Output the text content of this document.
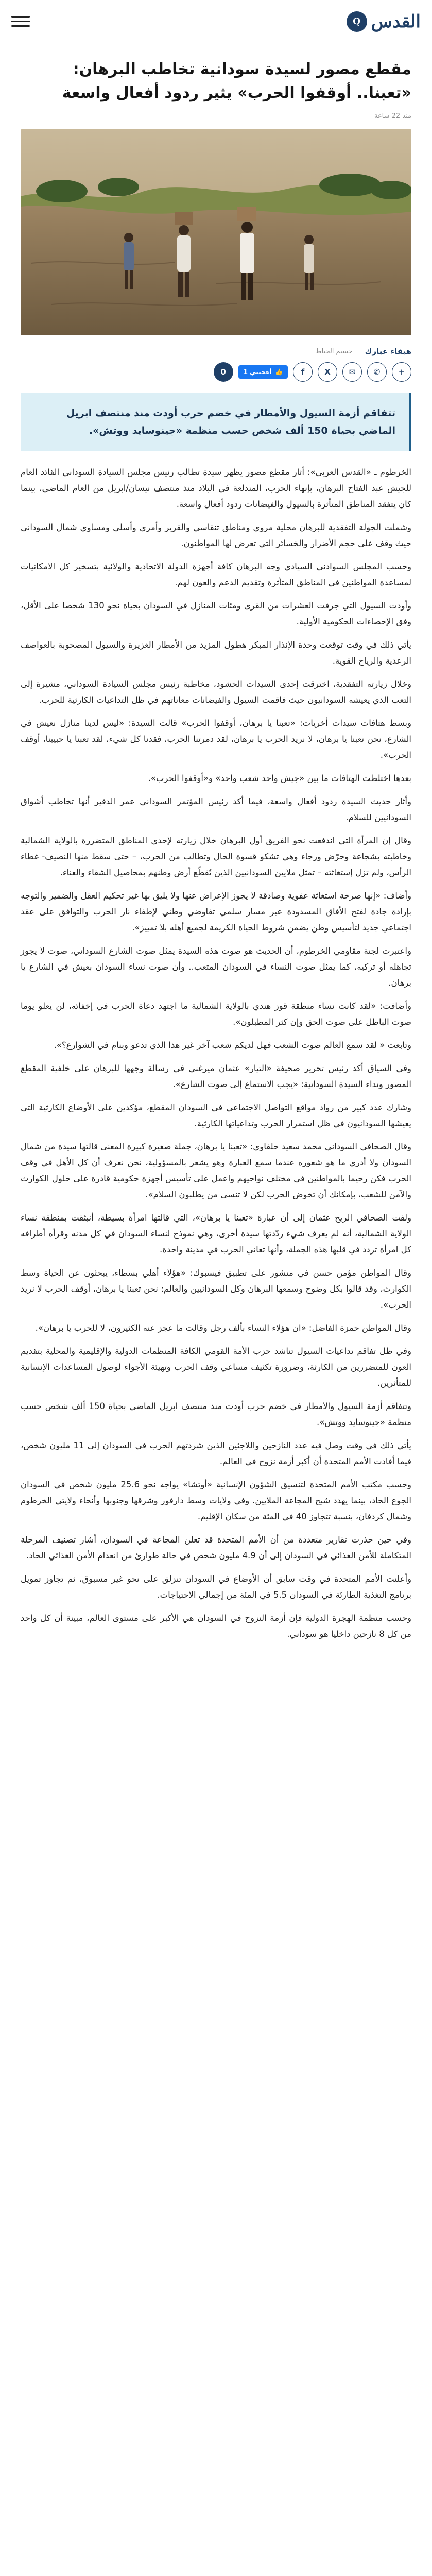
القدس
Q
مقطع مصور لسيدة سودانية تخاطب البرهان: «تعبنا.. أوقفوا الحرب» يثير ردود أفعال واسعة
منذ 22 ساعة
هيفاء عبارك
حسيم الخياط
0	👍
أعجبني 1	f	X	✉	✆	+
تتفاقم أزمة السيول والأمطار في خضم حرب أودت منذ منتصف ابريل الماضي بحياة 150 ألف شخص حسب منظمة «جينوسايد ووتش».

الخرطوم ـ «القدس العربي»: أثار مقطع مصور يظهر سيدة تطالب رئيس مجلس السيادة السوداني القائد العام للجيش عبد الفتاح البرهان، بإنهاء الحرب، المندلعة في البلاد منذ منتصف نيسان/ابريل من العام الماضي، بينما كان يتفقد المناطق المتأثرة بالسيول والفيضانات ردود أفعال واسعة.

وشملت الجولة التفقدية للبرهان محلية مروي ومناطق تنقاسي والقرير وأمري وأسلي ومساوي شمال السوداني حيث وقف على حجم الأضرار والخسائر التي تعرض لها المواطنون.

وحسب المجلس السوادني السيادي وجه البرهان كافة أجهزة الدولة الاتحادية والولائية بتسخير كل الامكانيات لمساعدة المواطنين في المناطق المتأثرة وتقديم الدعم والعون لهم.

وأودت السيول التي جرفت العشرات من القرى ومئات المنازل في السودان بحياة نحو 130 شخصا على الأقل، وفق الإحصاءات الحكومية الأولية.

يأتي ذلك في وقت توقعت وحدة الإنذار المبكر هطول المزيد من الأمطار الغزيرة والسيول المصحوبة بالعواصف الرعدية والرياح القوية.

وخلال زيارته التفقدية، اخترقت إحدى السيدات الحشود، مخاطبة رئيس مجلس السيادة السوداني، مشيرة إلى التعب الذي يعيشه السودانيون حيث فاقمت السيول والفيضانات معاناتهم في ظل التداعيات الكارثية للحرب.

وبسط هتافات سيدات أخريات: «تعبنا يا برهان، أوقفوا الحرب» قالت السيدة: «ليس لدينا منازل نعيش في الشارع، نحن تعبنا يا برهان، لا نريد الحرب يا برهان، لقد دمرتنا الحرب، فقدنا كل شيء، لقد تعبنا يا حبيبنا، أوقف الحرب».

بعدها اختلطت الهتافات ما بين «جيش واحد شعب واحد» و«أوقفوا الحرب».

وأثار حديث السيدة ردود أفعال واسعة، فيما أكد رئيس المؤتمر السوداني عمر الدقير أنها تخاطب أشواق السودانيين للسلام.

وقال إن المرأة التي اندفعت نحو الفريق أول البرهان خلال زيارته لإحدى المناطق المتضررة بالولاية الشمالية وخاطبته بشجاعة وحرّض ورجاء وهي تشكو قسوة الحال وتطالب من الحرب، – حتى سقط منها النصيف- غطاء الرأس، ولم تزل إستغاثته – تمثل ملايين السودانيين الذين تُقطّع أرض وطنهم بمحاصيل الشقاء والعناء.

وأضاف: «إنها صرخة استغاثة عفوية وصادقة لا يجوز الإعراض عنها ولا يليق بها غير تحكيم العقل والضمير والتوجه بإرادة جادة لفتح الأفاق المسدودة عبر مسار سلمي تفاوضي وطني لإطفاء نار الحرب والتوافق على عقد اجتماعي جديد لتأسيس وطن يضمن شروط الحياة الكريمة لجميع أهله بلا تمييز».

واعتبرت لجنة مقاومي الخرطوم، أن الحديث هو صوت هذه السيدة يمثل صوت الشارع السوداني، صوت لا يجوز تجاهله أو تركيه، كما يمثل صوت النساء في السودان المتعب.. وأن صوت نساء السودان بعيش في الشارع يا برهان.

وأضافت: «لقد كانت نساء منطقة قوز هندي بالولاية الشمالية ما اجتهد دعاة الحرب في إخفائه، لن يعلو يوما صوت الباطل على صوت الحق وإن كثر المطبلون».

وتابعت « لقد سمع العالم صوت الشعب فهل لديكم شعب آخر غير هذا الذي تدعو وبنام في الشوارع؟».

وفي السياق أكد رئيس تحرير صحيفة «التيار» عثمان ميرغني في رسالة وجهها للبرهان على خلفية المقطع المصور ونداء السيدة السودانية: «يجب الاستماع إلى صوت الشارع».

وشارك عدد كبير من رواد مواقع التواصل الاجتماعي في السودان المقطع، مؤكدين على الأوضاع الكارثية التي يعيشها السودانيون في ظل استمرار الحرب وتداعياتها الكارثية.

وقال الصحافي السوداني محمد سعيد حلفاوي: «تعبنا يا برهان، جملة صغيرة كبيرة المعنى قالتها سيدة من شمال السودان ولا أدري ما هو شعوره عندما سمع العبارة وهو يشعر بالمسؤولية، نحن نعرف أن كل الأهل في وقف الحرب فكن رحيما بالمواطنين في مختلف نواحيهم واعمل على تأسيس أجهزة حكومية قادرة على حلول الكوارث والآمن للشعب، بإمكانك أن تخوض الحرب لكن لا تنسى من يطلبون السلام».

ولفت الصحافي الريح عثمان إلى أن عبارة «تعبنا يا برهان»، التي قالتها امرأة بسيطة، أنبثقت بمنطقة نساء الولاية الشمالية، أنه لم يعرف شيء ردّدتها سيدة أخرى، وهي نموذج لنساء السودان في كل مدنه وقرأه أطرافه كل امرأة تردد في قلبها هذه الجملة، وأنها تعاني الحرب في مدينة واحدة.

وقال المواطن مؤمن حسن في منشور على تطبيق فيسبوك: «هؤلاء أهلي بسطاء، يبحثون عن الحياة وسط الكوارث، وقد قالوا بكل وضوح وسمعها البرهان وكل السودانيين والعالم: نحن تعبنا يا برهان، أوقف الحرب لا نريد الحرب».

وقال المواطن حمزة الفاضل: «ان هؤلاء النساء بألف رجل وقالت ما عجز عنه الكثيرون، لا للحرب يا برهان».

وفي ظل تفاقم تداعيات السيول تناشد حزب الأمة القومي الكافة المنظمات الدولية والإقليمية والمحلية بتقديم العون للمتضررين من الكارثة، وضرورة تكثيف مساعي وقف الحرب وتهيئة الأجواء لوصول المساعدات الإنسانية للمتأثرين.

وتتفاقم أزمة السيول والأمطار في خضم حرب أودت منذ منتصف ابريل الماضي بحياة 150 ألف شخص حسب منظمة «جينوسايد ووتش».

يأتي ذلك في وقت وصل فيه عدد النازحين واللاجئين الذين شردتهم الحرب في السودان إلى 11 مليون شخص، فيما أفادت الأمم المتحدة أن أكبر أزمة نزوح في العالم.

وحسب مكتب الأمم المتحدة لتنسيق الشؤون الإنسانية «أوتشا» يواجه نحو 25.6 مليون شخص في السودان الجوع الحاد، بينما يهدد شبح المجاعة الملايين. وفي ولايات وسط دارفور وشرقها وجنوبها وأنحاء ولايتي الخرطوم وشمال كردفان، بنسبة تتجاوز 40 في المئة من سكان الإقليم.

وفي حين حذرت تقارير متعددة من أن الأمم المتحدة قد تعلن المجاعة في السودان، أشار تصنيف المرحلة المتكاملة للأمن الغذائي في السودان إلى أن 4.9 مليون شخص في حالة طوارئ من انعدام الأمن الغذائي الحاد.

وأعلنت الأمم المتحدة في وقت سابق أن الأوضاع في السودان تنزلق على نحو غير مسبوق، ثم تجاوز تمويل برنامج التغذية الطارئة في السودان 5.5 في المئة من إجمالي الاحتياجات.

وحسب منظمة الهجرة الدولية فإن أزمة النزوح في السودان هي الأكبر على مستوى العالم، مبينة أن كل واحد من كل 8 نازحين داخليا هو سوداني.
